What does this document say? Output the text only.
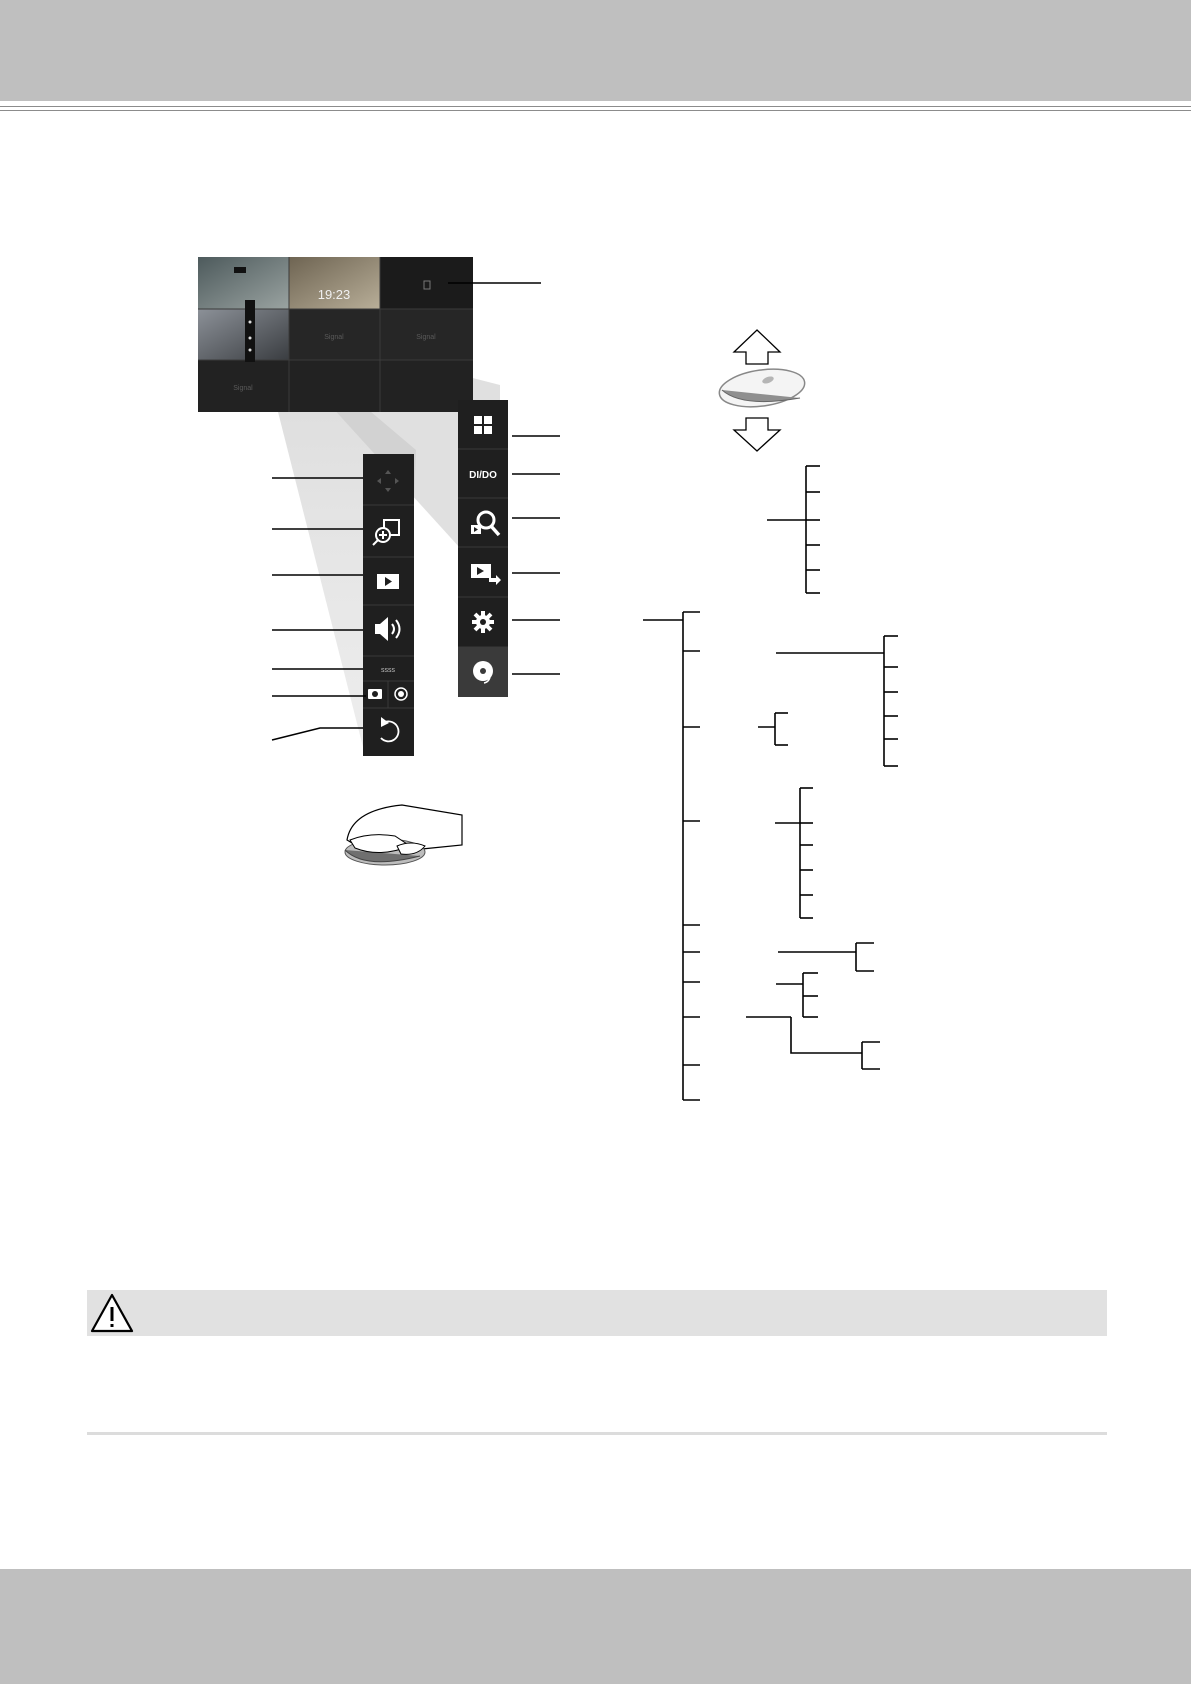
19:23
Signal	Signal
Signal
DI/DO
ssss
